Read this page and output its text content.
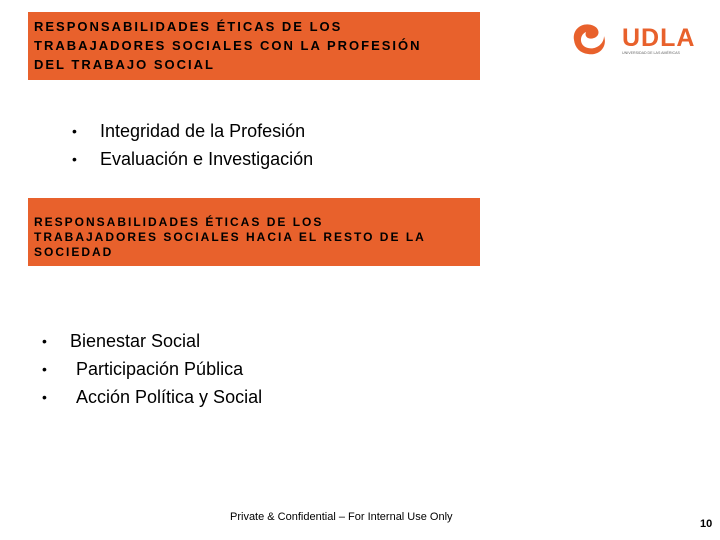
RESPONSABILIDADES ÉTICAS DE LOS
TRABAJADORES SOCIALES CON LA PROFESIÓN
DEL TRABAJO SOCIAL
UDLA
UNIVERSIDAD DE LAS AMÉRICAS
• Integridad de la Profesión
• Evaluación e Investigación
RESPONSABILIDADES ÉTICAS DE LOS
TRABAJADORES SOCIALES HACIA EL RESTO DE LA
SOCIEDAD
• Bienestar Social
• Participación Pública
• Acción Política y Social
Private & Confidential – For Internal Use Only
10
